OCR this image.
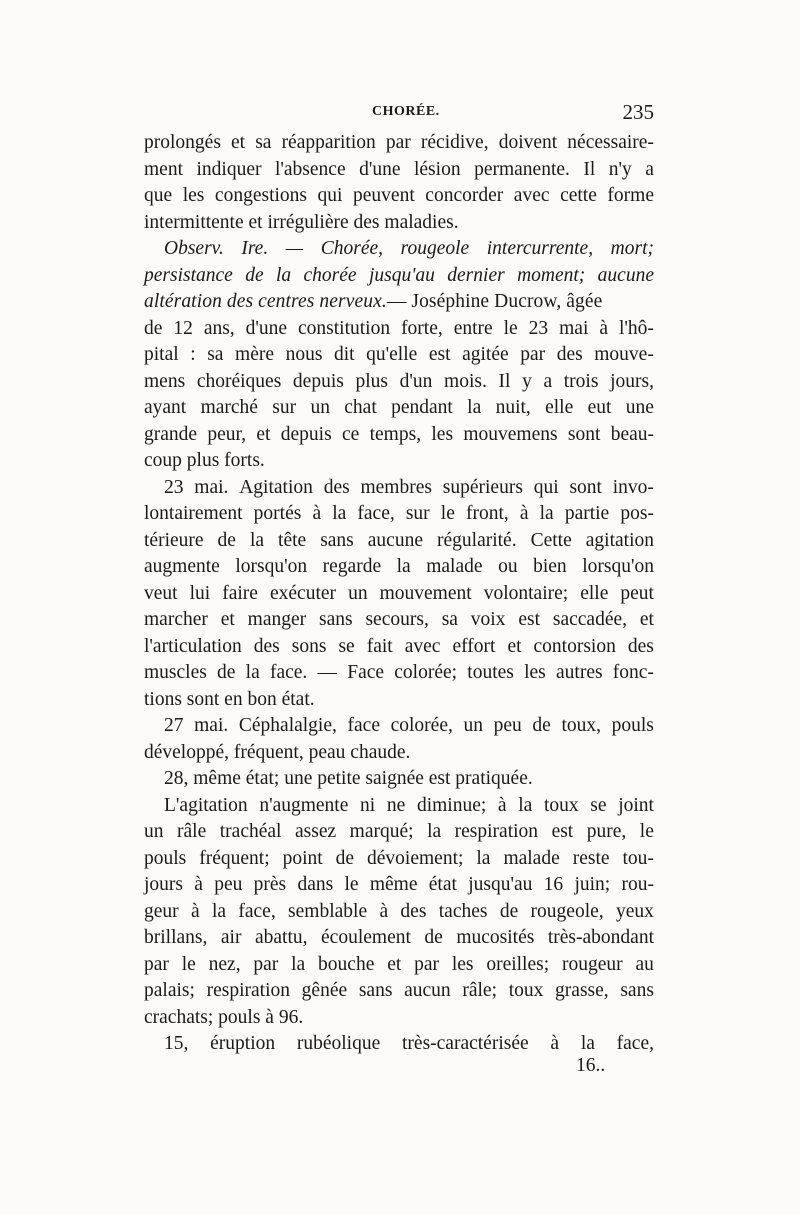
CHORÉE.	235
prolongés et sa réapparition par récidive, doivent nécessaire-
ment indiquer l'absence d'une lésion permanente. Il n'y a
que les congestions qui peuvent concorder avec cette forme
intermittente et irrégulière des maladies.
Observ. Ire. — Chorée, rougeole intercurrente, mort;
persistance de la chorée jusqu'au dernier moment; aucune
altération des centres nerveux. — Joséphine Ducrow, âgée
de 12 ans, d'une constitution forte, entre le 23 mai à l'hô-
pital : sa mère nous dit qu'elle est agitée par des mouve-
mens choréiques depuis plus d'un mois. Il y a trois jours,
ayant marché sur un chat pendant la nuit, elle eut une
grande peur, et depuis ce temps, les mouvemens sont beau-
coup plus forts.
23 mai. Agitation des membres supérieurs qui sont invo-
lontairement portés à la face, sur le front, à la partie pos-
térieure de la tête sans aucune régularité. Cette agitation
augmente lorsqu'on regarde la malade ou bien lorsqu'on
veut lui faire exécuter un mouvement volontaire; elle peut
marcher et manger sans secours, sa voix est saccadée, et
l'articulation des sons se fait avec effort et contorsion des
muscles de la face. — Face colorée; toutes les autres fonc-
tions sont en bon état.
27 mai. Céphalalgie, face colorée, un peu de toux, pouls
développé, fréquent, peau chaude.
28, même état; une petite saignée est pratiquée.
L'agitation n'augmente ni ne diminue; à la toux se joint
un râle trachéal assez marqué; la respiration est pure, le
pouls fréquent; point de dévoiement; la malade reste tou-
jours à peu près dans le même état jusqu'au 16 juin; rou-
geur à la face, semblable à des taches de rougeole, yeux
brillans, air abattu, écoulement de mucosités très-abondant
par le nez, par la bouche et par les oreilles; rougeur au
palais; respiration gênée sans aucun râle; toux grasse, sans
crachats; pouls à 96.
15, éruption rubéolique très-caractérisée à la face,
16..
